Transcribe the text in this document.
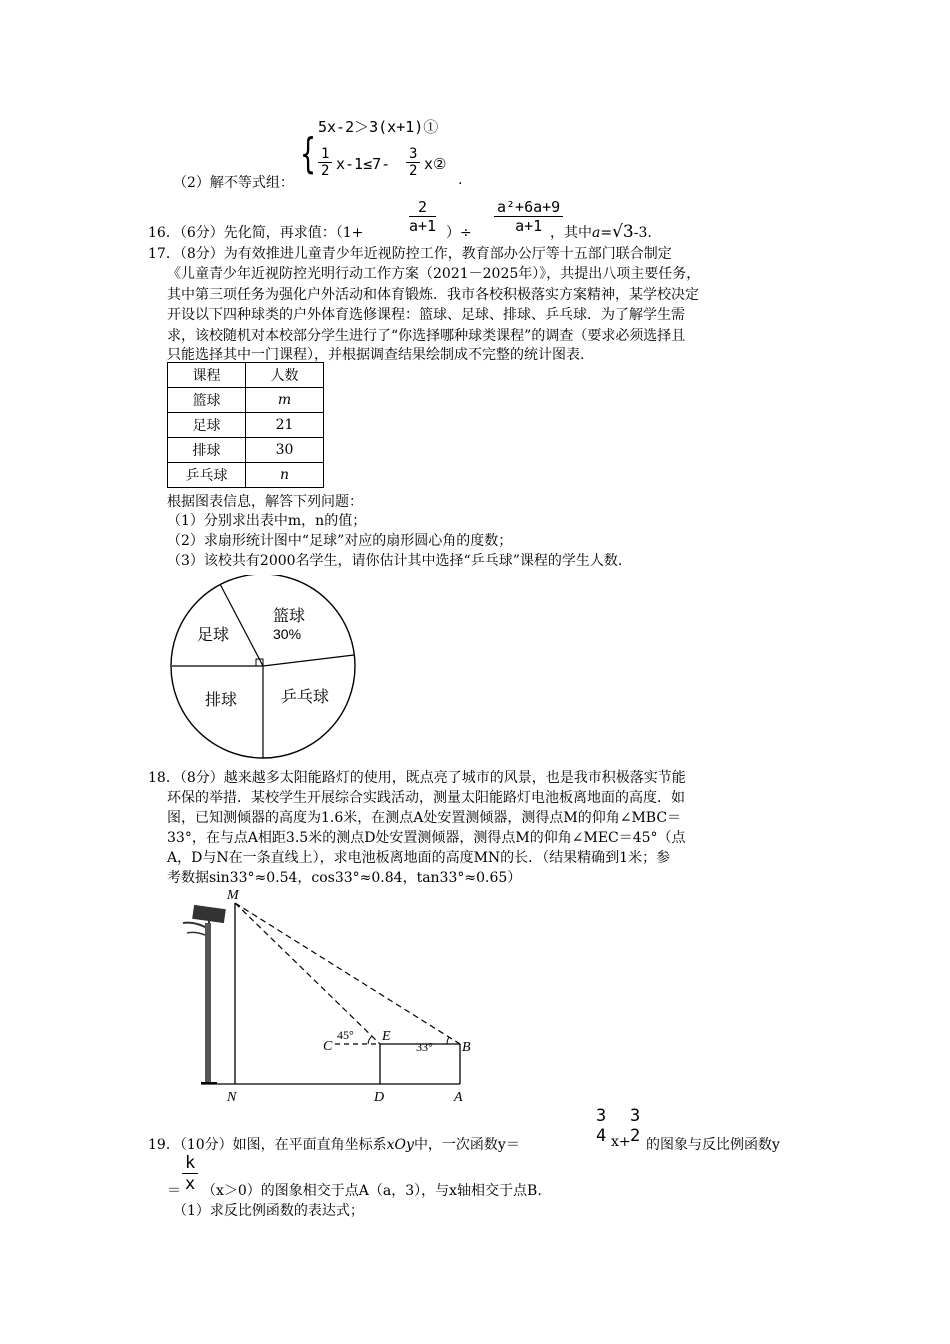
（2）解不等式组：
{
5x-2＞3(x+1)①
$\frac{1}{2} x-1\le 7- \frac{3}{2}$ x②
.
16．（6分）先化简，再求值：（1+	$\frac{2}{a+1}$ ）÷ $\frac{\text{a²+6a+9}}{a+1}$
，其中a=√3-3.
17．（8分）为有效推进儿童青少年近视防控工作，教育部办公厅等十五部门联合制定
《儿童青少年近视防控光明行动工作方案（2021－2025年）》，共提出八项主要任务，
其中第三项任务为强化户外活动和体育锻炼．我市各校积极落实方案精神，某学校决定
开设以下四种球类的户外体育选修课程：篮球、足球、排球、乒乓球．为了解学生需
求，该校随机对本校部分学生进行了“你选择哪种球类课程”的调查（要求必须选择且
只能选择其中一门课程），并根据调查结果绘制成不完整的统计图表.
课程	人数
篮球	m
足球	21
排球	30
乒乓球	n
根据图表信息，解答下列问题：
（1）分别求出表中m，n的值；
（2）求扇形统计图中“足球”对应的扇形圆心角的度数；
（3）该校共有2000名学生，请你估计其中选择“乒乓球”课程的学生人数.
篮球
30%
足球
排球	乒乓球
18．（8分）越来越多太阳能路灯的使用，既点亮了城市的风景，也是我市积极落实节能
环保的举措．某校学生开展综合实践活动，测量太阳能路灯电池板离地面的高度．如
图，已知测倾器的高度为1.6米，在测点A处安置测倾器，测得点M的仰角∠MBC＝
33°，在与点A相距3.5米的测点D处安置测倾器，测得点M的仰角∠MEC＝45°（点
A，D与N在一条直线上），求电池板离地面的高度MN的长．（结果精确到1米；参
考数据sin33°≈0.54，cos33°≈0.84，tan33°≈0.65）
M
C
E
B
N	D	A
45°
33°
19．（10分）如图，在平面直角坐标系xOy中，一次函数y＝
3
4 x+
3
2 的图象与反比例函数y
＝ $\frac{k}{x} (x>0)$的图象相交于点A（a，3），与x轴相交于点B.
（1）求反比例函数的表达式；
